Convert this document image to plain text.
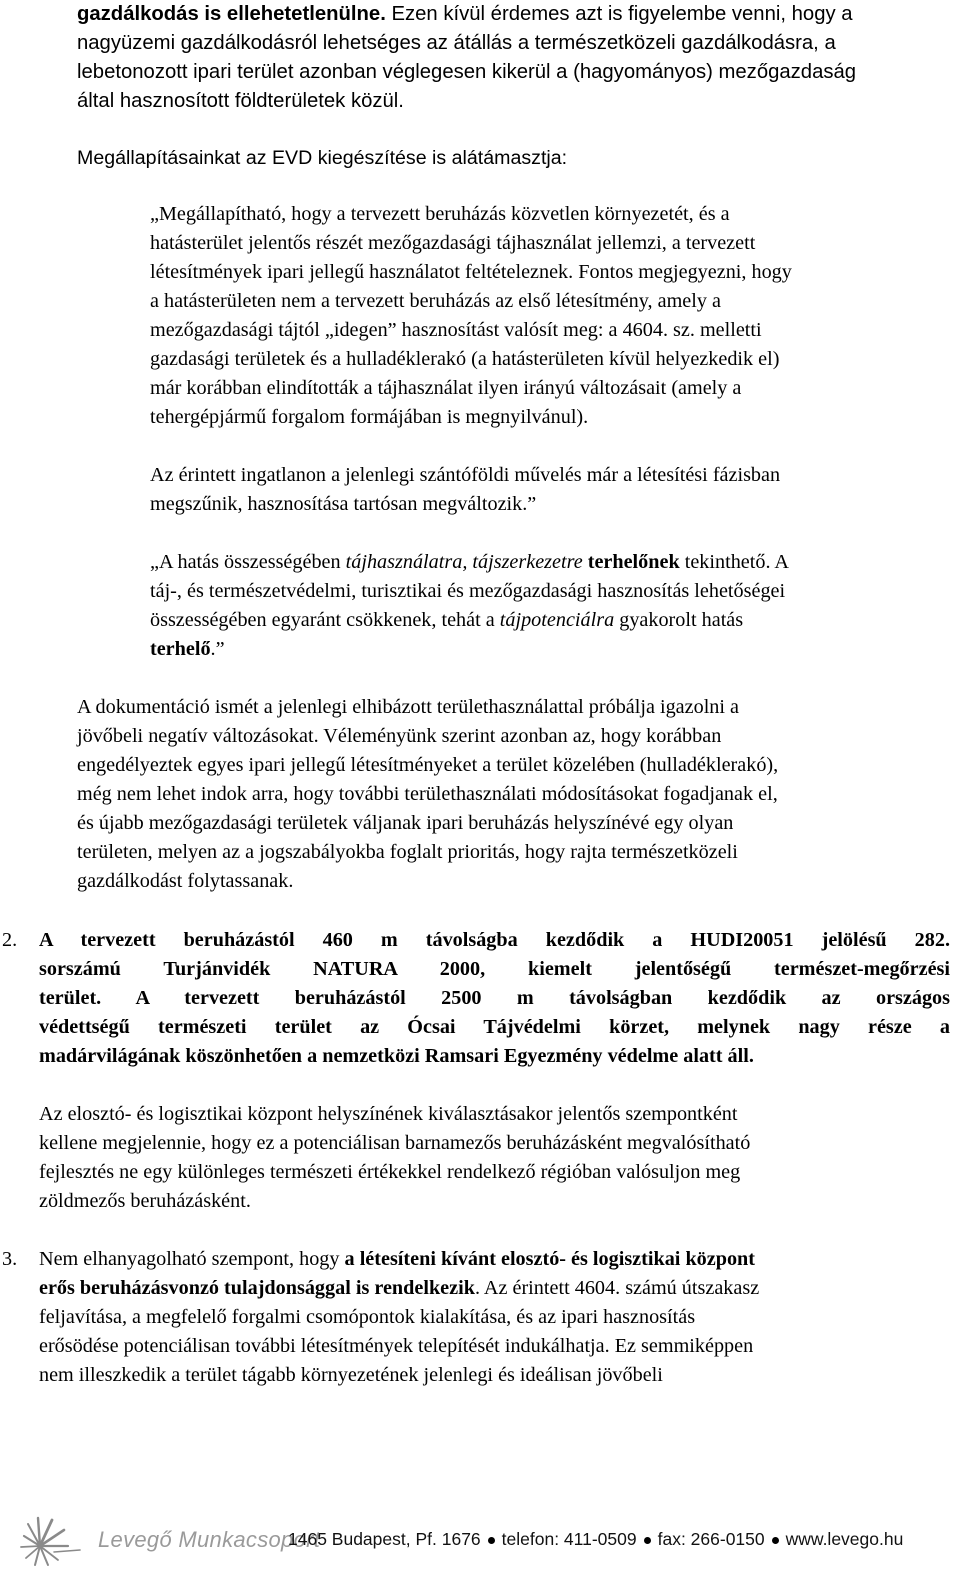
gazdálkodás is ellehetetlenülne. Ezen kívül érdemes azt is figyelembe venni, hogy a
nagyüzemi gazdálkodásról lehetséges az átállás a természetközeli gazdálkodásra, a
lebetonozott ipari terület azonban véglegesen kikerül a (hagyományos) mezőgazdaság
által hasznosított földterületek közül.
Megállapításainkat az EVD kiegészítése is alátámasztja:
„Megállapítható, hogy a tervezett beruházás közvetlen környezetét, és a
hatásterület jelentős részét mezőgazdasági tájhasználat jellemzi, a tervezett
létesítmények ipari jellegű használatot feltételeznek. Fontos megjegyezni, hogy
a hatásterületen nem a tervezett beruházás az első létesítmény, amely a
mezőgazdasági tájtól „idegen” hasznosítást valósít meg: a 4604. sz. melletti
gazdasági területek és a hulladéklerakó (a hatásterületen kívül helyezkedik el)
már korábban elindították a tájhasználat ilyen irányú változásait (amely a
tehergépjármű forgalom formájában is megnyilvánul).
Az érintett ingatlanon a jelenlegi szántóföldi művelés már a létesítési fázisban
megszűnik, hasznosítása tartósan megváltozik.”
„A hatás összességében tájhasználatra, tájszerkezetre terhelőnek tekinthető. A
táj-, és természetvédelmi, turisztikai és mezőgazdasági hasznosítás lehetőségei
összességében egyaránt csökkenek, tehát a tájpotenciálra gyakorolt hatás
terhelő.”
A dokumentáció ismét a jelenlegi elhibázott területhasználattal próbálja igazolni a
jövőbeli negatív változásokat. Véleményünk szerint azonban az, hogy korábban
engedélyeztek egyes ipari jellegű létesítményeket a terület közelében (hulladéklerakó),
még nem lehet indok arra, hogy további területhasználati módosításokat fogadjanak el,
és újabb mezőgazdasági területek váljanak ipari beruházás helyszínévé egy olyan
területen, melyen az a jogszabályokba foglalt prioritás, hogy rajta természetközeli
gazdálkodást folytassanak.
2. A tervezett beruházástól 460 m távolságba kezdődik a HUDI20051 jelölésű 282.
sorszámú Turjánvidék NATURA 2000, kiemelt jelentőségű természet-megőrzési
terület. A tervezett beruházástól 2500 m távolságban kezdődik az országos
védettségű természeti terület az Ócsai Tájvédelmi körzet, melynek nagy része a
madárvilágának köszönhetően a nemzetközi Ramsari Egyezmény védelme alatt áll.
Az elosztó- és logisztikai központ helyszínének kiválasztásakor jelentős szempontként
kellene megjelennie, hogy ez a potenciálisan barnamezős beruházásként megvalósítható
fejlesztés ne egy különleges természeti értékekkel rendelkező régióban valósuljon meg
zöldmezős beruházásként.
3. Nem elhanyagolható szempont, hogy a létesíteni kívánt elosztó- és logisztikai központ
erős beruházásvonzó tulajdonsággal is rendelkezik. Az érintett 4604. számú útszakasz
feljavítása, a megfelelő forgalmi csomópontok kialakítása, és az ipari hasznosítás
erősödése potenciálisan további létesítmények telepítését indukálhatja. Ez semmiképpen
nem illeszkedik a terület tágabb környezetének jelenlegi és ideálisan jövőbeli
Levegő Munkacsoport
1465 Budapest, Pf. 1676 telefon: 411-0509 fax: 266-0150 www.levego.hu
